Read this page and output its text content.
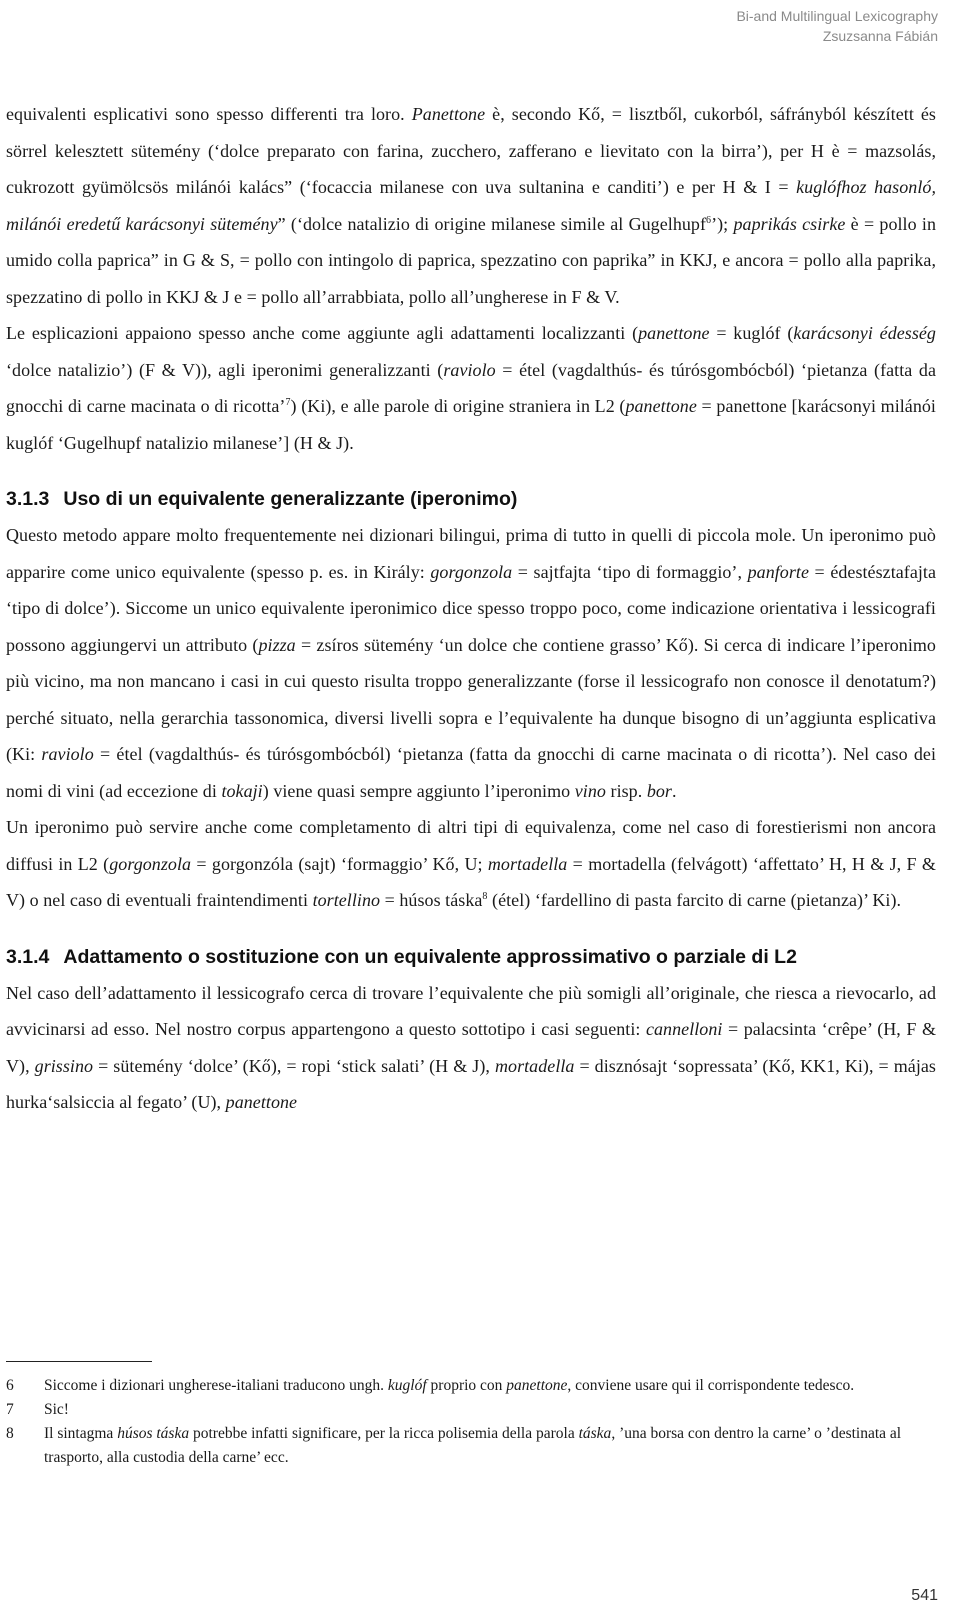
Bi-and Multilingual Lexicography
Zsuzsanna Fábián

equivalenti esplicativi sono spesso differenti tra loro. Panettone è, secondo Kő, = lisztből, cukorból, sáfrányból készített és sörrel kelesztett sütemény (‘dolce preparato con farina, zucchero, zafferano e lievitato con la birra’), per H è = mazsolás, cukrozott gyümölcsös milánói kalács” (‘focaccia milanese con uva sultanina e canditi’) e per H & I = kuglófhoz hasonló, milánói eredetű karácsonyi sütemény” (‘dolce natalizio di origine milanese simile al Gugelhupf$^6$’); paprikás csirke è = pollo in umido colla paprica” in G & S, = pollo con intingolo di paprica, spezzatino con paprika” in KKJ, e ancora = pollo alla paprika, spezzatino di pollo in KKJ & J e = pollo all’arrabbiata, pollo all’ungherese in F & V.

Le esplicazioni appaiono spesso anche come aggiunte agli adattamenti localizzanti (panettone = kuglóf (karácsonyi édesség ‘dolce natalizio’) (F & V)), agli iperonimi generalizzanti (raviolo = étel (vagdalthús- és túrósgombócból) ‘pietanza (fatta da gnocchi di carne macinata o di ricotta’$^7$) (Ki), e alle parole di origine straniera in L2 (panettone = panettone [karácsonyi milánói kuglóf ‘Gugelhupf natalizio milanese’] (H & J).

3.1.3 Uso di un equivalente generalizzante (iperonimo)

Questo metodo appare molto frequentemente nei dizionari bilingui, prima di tutto in quelli di piccola mole. Un iperonimo può apparire come unico equivalente (spesso p. es. in Király: gorgonzola = sajtfajta ‘tipo di formaggio’, panforte = édestésztafajta ‘tipo di dolce’). Siccome un unico equivalente iperonimico dice spesso troppo poco, come indicazione orientativa i lessicografi possono aggiungervi un attributo (pizza = zsíros sütemény ‘un dolce che contiene grasso’ Kő). Si cerca di indicare l’iperonimo più vicino, ma non mancano i casi in cui questo risulta troppo generalizzante (forse il lessicografo non conosce il denotatum?) perché situato, nella gerarchia tassonomica, diversi livelli sopra e l’equivalente ha dunque bisogno di un’aggiunta esplicativa (Ki: raviolo = étel (vagdalthús- és túrósgombócból) ‘pietanza (fatta da gnocchi di carne macinata o di ricotta’). Nel caso dei nomi di vini (ad eccezione di tokaji) viene quasi sempre aggiunto l’iperonimo vino risp. bor.

Un iperonimo può servire anche come completamento di altri tipi di equivalenza, come nel caso di forestierismi non ancora diffusi in L2 (gorgonzola = gorgonzóla (sajt) ‘formaggio’ Kő, U; mortadella = mortadella (felvágott) ‘affettato’ H, H & J, F & V) o nel caso di eventuali fraintendimenti tortellino = húsos táska$^8$ (étel) ‘fardellino di pasta farcito di carne (pietanza)’ Ki).

3.1.4 Adattamento o sostituzione con un equivalente approssimativo o parziale di L2

Nel caso dell’adattamento il lessicografo cerca di trovare l’equivalente che più somigli all’originale, che riesca a rievocarlo, ad avvicinarsi ad esso. Nel nostro corpus appartengono a questo sottotipo i casi seguenti: cannelloni = palacsinta ‘crêpe’ (H, F & V), grissino = sütemény ‘dolce’ (Kő), = ropi ‘stick salati’ (H & J), mortadella = disznósajt ‘sopressata’ (Kő, KK1, Ki), = májas hurka‘salsiccia al fegato’ (U), panettone

6	Siccome i dizionari ungherese-italiani traducono ungh. kuglóf proprio con panettone, conviene usare qui il corrispondente tedesco.
7	Sic!
8	Il sintagma húsos táska potrebbe infatti significare, per la ricca polisemia della parola táska, ’una borsa con dentro la carne’ o ’destinata al trasporto, alla custodia della carne’ ecc.
541
